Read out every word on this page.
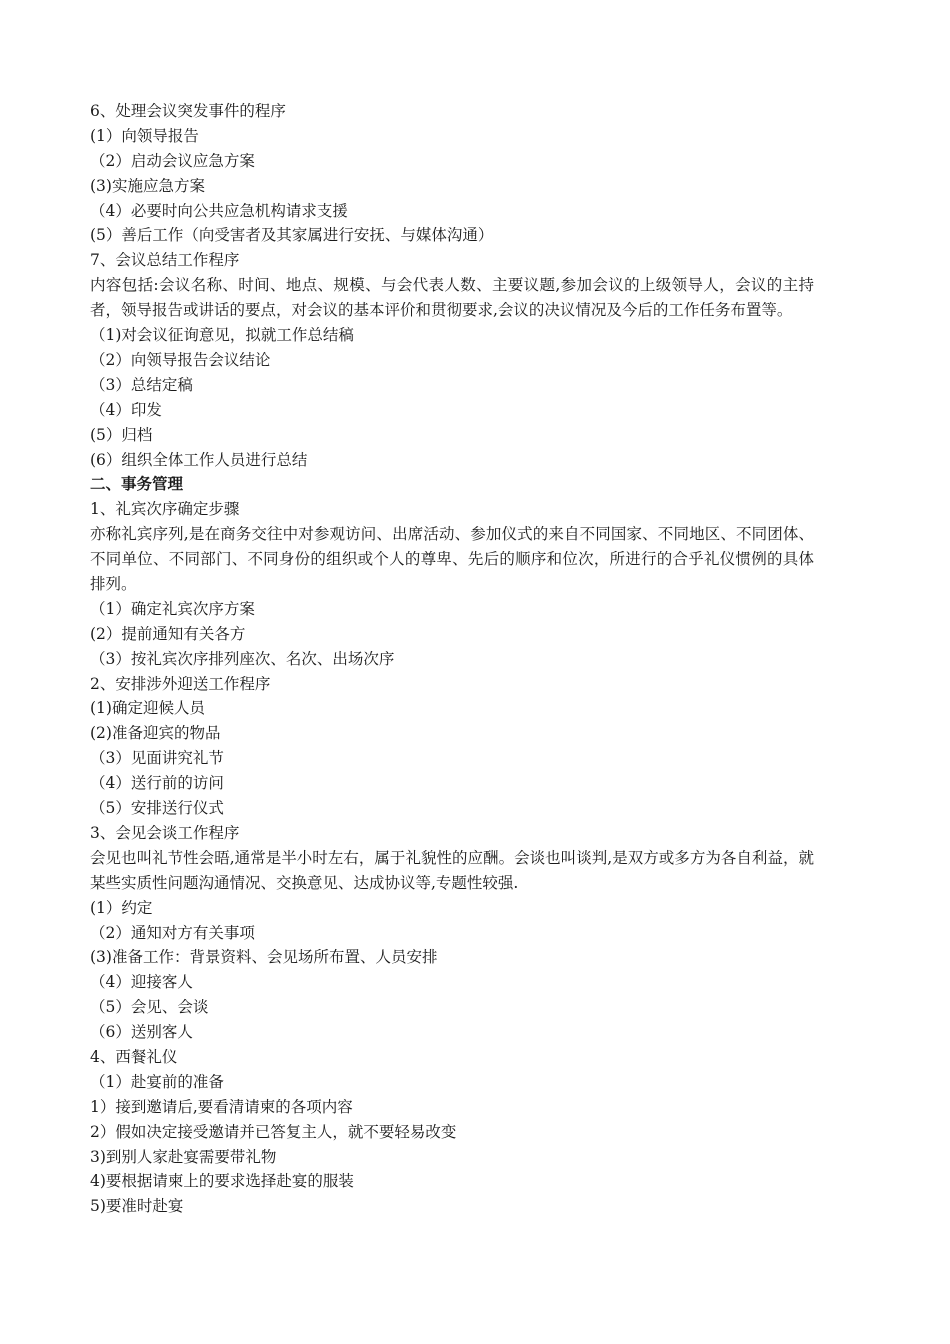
6、处理会议突发事件的程序
(1）向领导报告
（2）启动会议应急方案
(3)实施应急方案
（4）必要时向公共应急机构请求支援
(5）善后工作（向受害者及其家属进行安抚、与媒体沟通）
7、会议总结工作程序
内容包括:会议名称、时间、地点、规模、与会代表人数、主要议题,参加会议的上级领导人，会议的主持者，领导报告或讲话的要点，对会议的基本评价和贯彻要求,会议的决议情况及今后的工作任务布置等。
（1)对会议征询意见，拟就工作总结稿
（2）向领导报告会议结论
（3）总结定稿
（4）印发
(5）归档
(6）组织全体工作人员进行总结
二、事务管理
1、礼宾次序确定步骤
亦称礼宾序列,是在商务交往中对参观访问、出席活动、参加仪式的来自不同国家、不同地区、不同团体、不同单位、不同部门、不同身份的组织或个人的尊卑、先后的顺序和位次，所进行的合乎礼仪惯例的具体排列。
（1）确定礼宾次序方案
(2）提前通知有关各方
（3）按礼宾次序排列座次、名次、出场次序
2、安排涉外迎送工作程序
(1)确定迎候人员
(2)准备迎宾的物品
（3）见面讲究礼节
（4）送行前的访问
（5）安排送行仪式
3、会见会谈工作程序
会见也叫礼节性会晤,通常是半小时左右，属于礼貌性的应酬。会谈也叫谈判,是双方或多方为各自利益，就某些实质性问题沟通情况、交换意见、达成协议等,专题性较强.
(1）约定
（2）通知对方有关事项
(3)准备工作：背景资料、会见场所布置、人员安排
（4）迎接客人
（5）会见、会谈
（6）送别客人
4、西餐礼仪
（1）赴宴前的准备
1）接到邀请后,要看清请柬的各项内容
2）假如决定接受邀请并已答复主人，就不要轻易改变
3)到别人家赴宴需要带礼物
4)要根据请柬上的要求选择赴宴的服装
5)要准时赴宴
